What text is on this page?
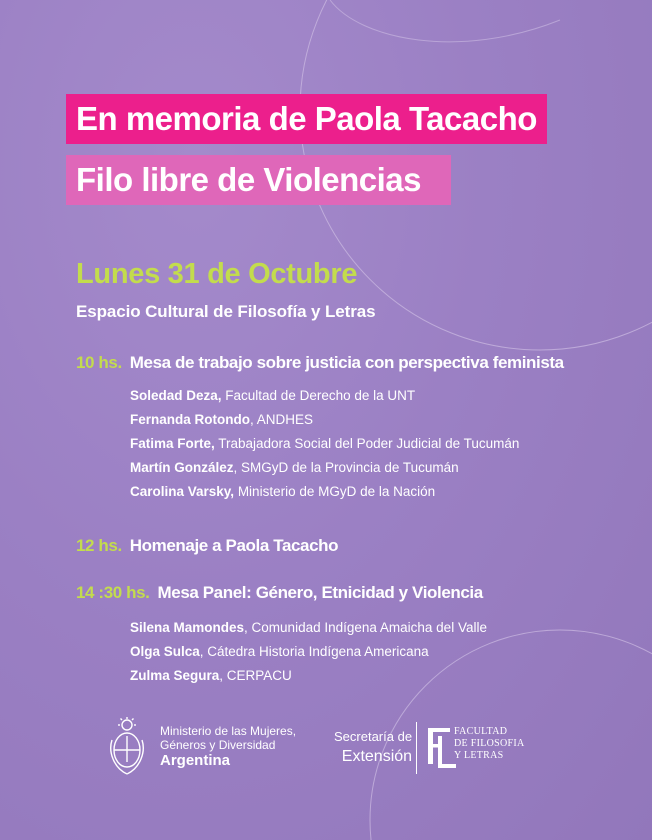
En memoria de Paola Tacacho
Filo libre de Violencias
Lunes 31 de Octubre
Espacio Cultural de Filosofía y Letras
10 hs. Mesa de trabajo sobre justicia con perspectiva feminista
Soledad Deza, Facultad de Derecho de la UNT
Fernanda Rotondo, ANDHES
Fatima Forte, Trabajadora Social del Poder Judicial de Tucumán
Martín González, SMGyD de la Provincia de Tucumán
Carolina Varsky, Ministerio de MGyD de la Nación
12 hs. Homenaje a Paola Tacacho
14 :30 hs. Mesa Panel: Género, Etnicidad y Violencia
Silena Mamondes, Comunidad Indígena Amaicha del Valle
Olga Sulca, Cátedra Historia Indígena Americana
Zulma Segura, CERPACU
Ministerio de las Mujeres,
Géneros y Diversidad
Argentina
Secretaría de
Extensión
FACULTAD
DE FILOSOFIA
Y LETRAS
